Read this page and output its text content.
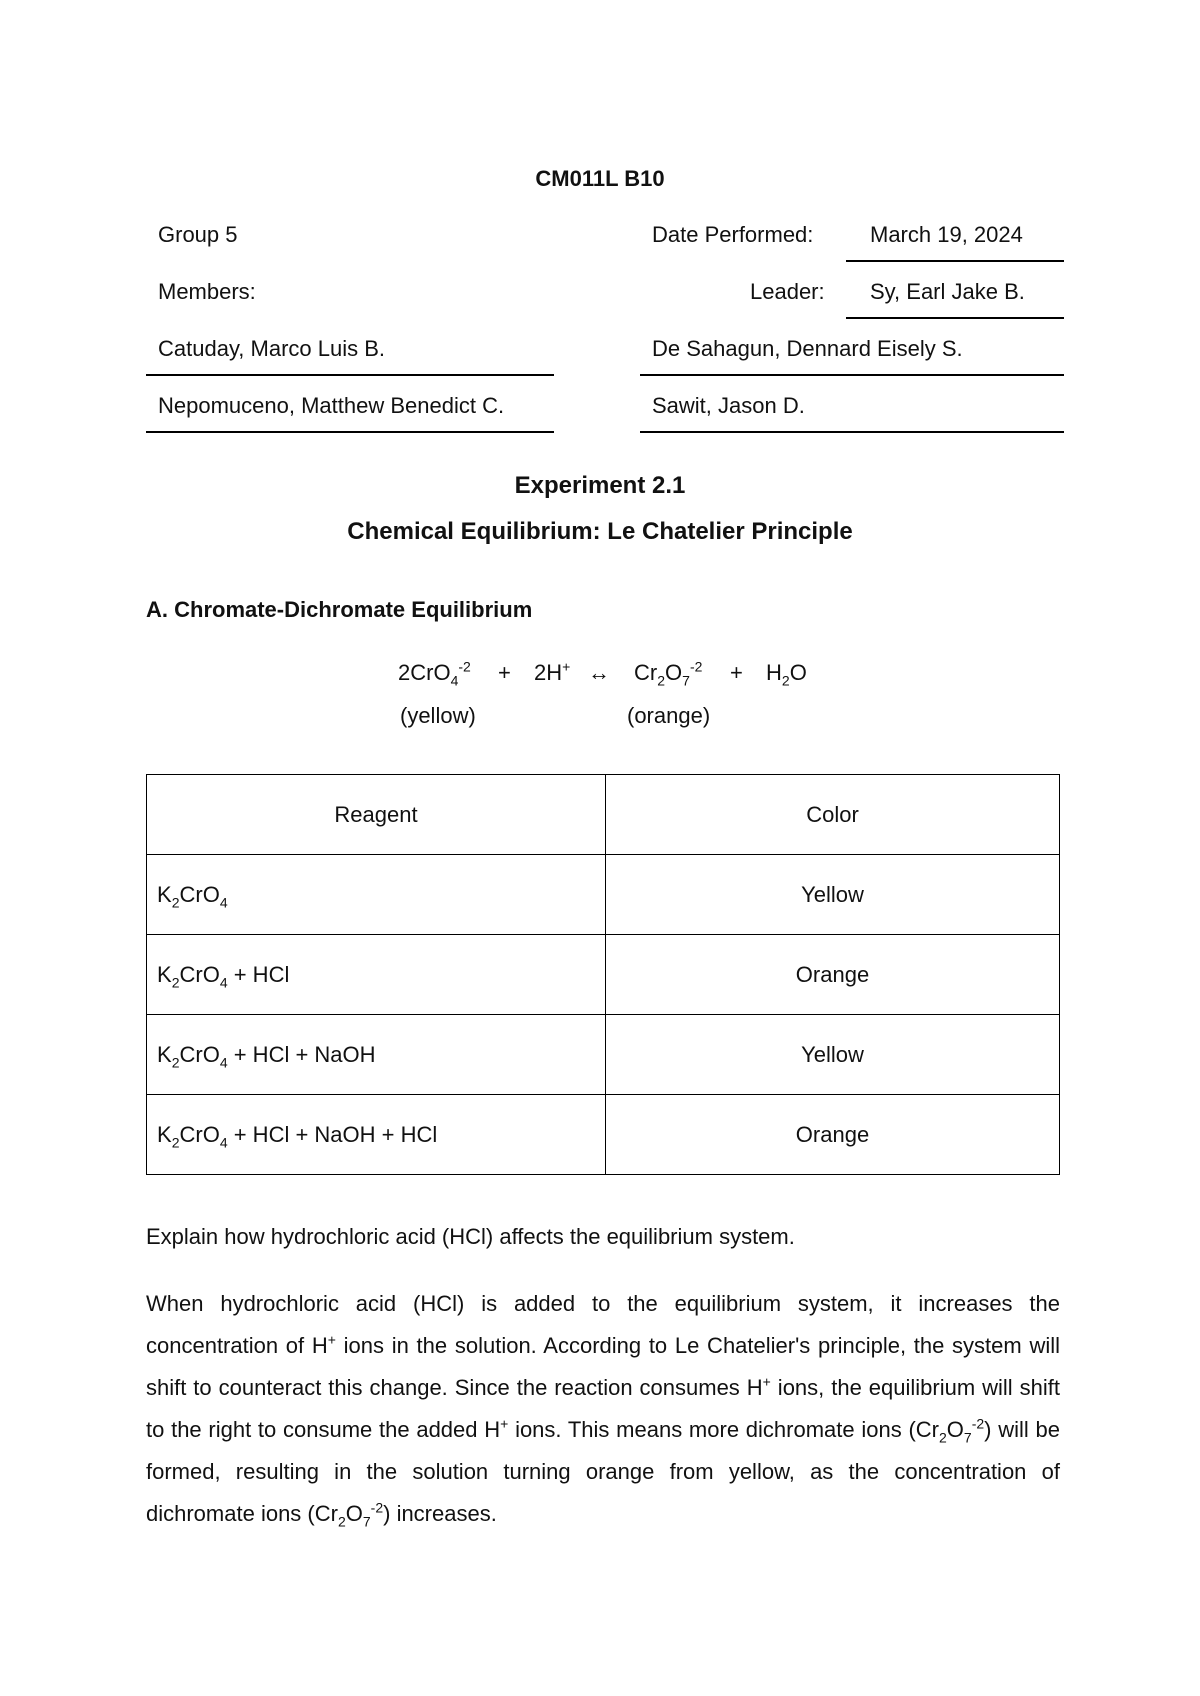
CM011L B10
Group 5	Date Performed:	March 19, 2024
Members:	Leader: Sy, Earl Jake B.
Catuday, Marco Luis B.	De Sahagun, Dennard Eisely S.
Nepomuceno, Matthew Benedict C.	Sawit, Jason D.
Experiment 2.1
Chemical Equilibrium: Le Chatelier Principle
A. Chromate-Dichromate Equilibrium
2CrO$_4^{-2}$ + 2H+ ↔ $Cr_2O_7^{-2} + H_2O$
(yellow)	(orange)
Reagent	Color
$K_2CrO_4$	Yellow
$K_2CrO_4$ + HCl	Orange
$K_2CrO_4$ + HCl + NaOH	Yellow
$K_2CrO_4$ + HCl + NaOH + HCl	Orange
Explain how hydrochloric acid (HCl) affects the equilibrium system.
When hydrochloric acid (HCl) is added to the equilibrium system, it increases the concentration of H+ ions in the solution. According to Le Chatelier's principle, the system will shift to counteract this change. Since the reaction consumes H+ ions, the equilibrium will shift to the right to consume the added H+ ions. This means more dichromate ions $(Cr_2O_7^{-2})$ will be formed, resulting in the solution turning orange from yellow, as the concentration of dichromate ions $(Cr_2O_7^{-2})$ increases.
